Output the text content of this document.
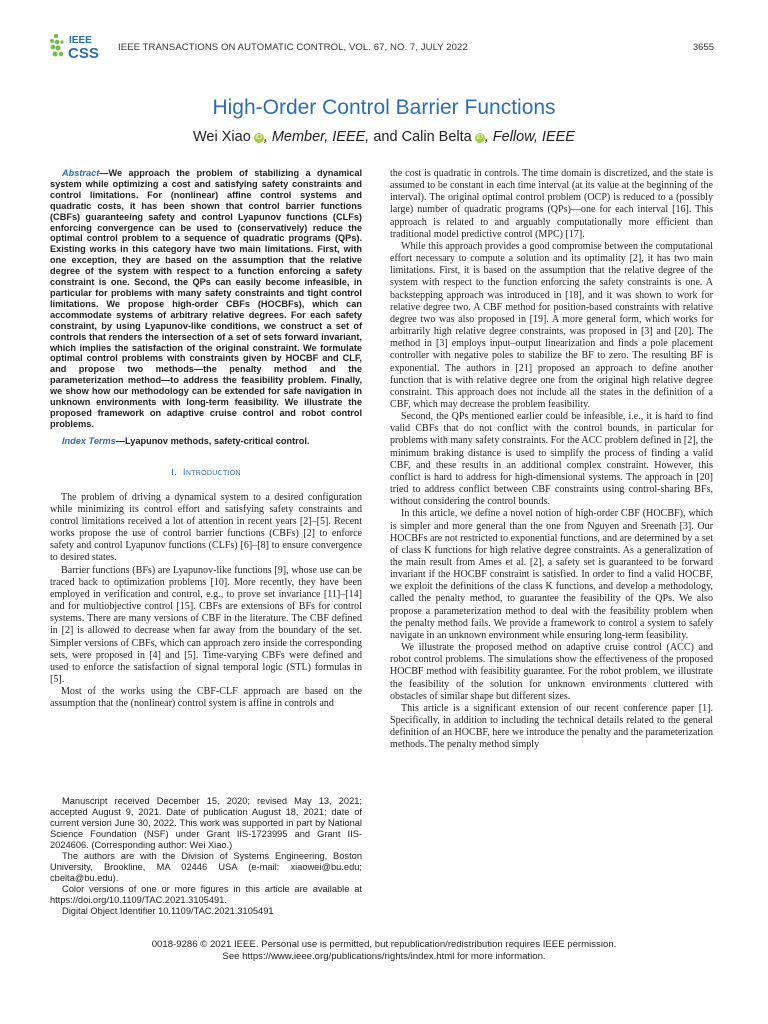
IEEE
CSS IEEE TRANSACTIONS ON AUTOMATIC CONTROL, VOL. 67, NO. 7, JULY 2022	3655
High-Order Control Barrier Functions
Wei Xiao iD , Member, IEEE, and Calin Belta iD , Fellow, IEEE

Abstract—We approach the problem of stabilizing a dynamical system while optimizing a cost and satisfying safety constraints and control limitations. For (nonlinear) affine control systems and quadratic costs, it has been shown that control barrier functions (CBFs) guaranteeing safety and control Lyapunov functions (CLFs) enforcing convergence can be used to (conservatively) reduce the optimal control problem to a sequence of quadratic programs (QPs). Existing works in this category have two main limitations. First, with one exception, they are based on the assumption that the relative degree of the system with respect to a function enforcing a safety constraint is one. Second, the QPs can easily become infeasible, in particular for problems with many safety constraints and tight control limitations. We propose high-order CBFs (HOCBFs), which can accommodate systems of arbitrary relative degrees. For each safety constraint, by using Lyapunov-like conditions, we construct a set of controls that renders the intersection of a set of sets forward invariant, which implies the satisfaction of the original constraint. We formulate optimal control problems with constraints given by HOCBF and CLF, and propose two methods—the penalty method and the parameterization method—to address the feasibility problem. Finally, we show how our methodology can be extended for safe navigation in unknown environments with long-term feasibility. We illustrate the proposed framework on adaptive cruise control and robot control problems.

Index Terms—Lyapunov methods, safety-critical control.

I. Introduction

The problem of driving a dynamical system to a desired configuration while minimizing its control effort and satisfying safety constraints and control limitations received a lot of attention in recent years [2]–[5]. Recent works propose the use of control barrier functions (CBFs) [2] to enforce safety and control Lyapunov functions (CLFs) [6]–[8] to ensure convergence to desired states.

Barrier functions (BFs) are Lyapunov-like functions [9], whose use can be traced back to optimization problems [10]. More recently, they have been employed in verification and control, e.g., to prove set invariance [11]–[14] and for multiobjective control [15]. CBFs are extensions of BFs for control systems. There are many versions of CBF in the literature. The CBF defined in [2] is allowed to decrease when far away from the boundary of the set. Simpler versions of CBFs, which can approach zero inside the corresponding sets, were proposed in [4] and [5]. Time-varying CBFs were defined and used to enforce the satisfaction of signal temporal logic (STL) formulas in [5].

Most of the works using the CBF-CLF approach are based on the assumption that the (nonlinear) control system is affine in controls and

Manuscript received December 15, 2020; revised May 13, 2021; accepted August 9, 2021. Date of publication August 18, 2021; date of current version June 30, 2022. This work was supported in part by National Science Foundation (NSF) under Grant IIS-1723995 and Grant IIS-2024606. (Corresponding author: Wei Xiao.)

The authors are with the Division of Systems Engineering, Boston University, Brookline, MA 02446 USA (e-mail: xiaowei@bu.edu; cbelta@bu.edu).

Color versions of one or more figures in this article are available at https://doi.org/10.1109/TAC.2021.3105491.

Digital Object Identifier 10.1109/TAC.2021.3105491

the cost is quadratic in controls. The time domain is discretized, and the state is assumed to be constant in each time interval (at its value at the beginning of the interval). The original optimal control problem (OCP) is reduced to a (possibly large) number of quadratic programs (QPs)—one for each interval [16]. This approach is related to and arguably computationally more efficient than traditional model predictive control (MPC) [17].

While this approach provides a good compromise between the computational effort necessary to compute a solution and its optimality [2], it has two main limitations. First, it is based on the assumption that the relative degree of the system with respect to the function enforcing the safety constraints is one. A backstepping approach was introduced in [18], and it was shown to work for relative degree two. A CBF method for position-based constraints with relative degree two was also proposed in [19]. A more general form, which works for arbitrarily high relative degree constraints, was proposed in [3] and [20]. The method in [3] employs input–output linearization and finds a pole placement controller with negative poles to stabilize the BF to zero. The resulting BF is exponential. The authors in [21] proposed an approach to define another function that is with relative degree one from the original high relative degree constraint. This approach does not include all the states in the definition of a CBF, which may decrease the problem feasibility.

Second, the QPs mentioned earlier could be infeasible, i.e., it is hard to find valid CBFs that do not conflict with the control bounds, in particular for problems with many safety constraints. For the ACC problem defined in [2], the minimum braking distance is used to simplify the process of finding a valid CBF, and these results in an additional complex constraint. However, this conflict is hard to address for high-dimensional systems. The approach in [20] tried to address conflict between CBF constraints using control-sharing BFs, without considering the control bounds.

In this article, we define a novel notion of high-order CBF (HOCBF), which is simpler and more general than the one from Nguyen and Sreenath [3]. Our HOCBFs are not restricted to exponential functions, and are determined by a set of class K functions for high relative degree constraints. As a generalization of the main result from Ames et al. [2], a safety set is guaranteed to be forward invariant if the HOCBF constraint is satisfied. In order to find a valid HOCBF, we exploit the definitions of the class K functions, and develop a methodology, called the penalty method, to guarantee the feasibility of the QPs. We also propose a parameterization method to deal with the feasibility problem when the penalty method fails. We provide a framework to control a system to safely navigate in an unknown environment while ensuring long-term feasibility.

We illustrate the proposed method on adaptive cruise control (ACC) and robot control problems. The simulations show the effectiveness of the proposed HOCBF method with feasibility guarantee. For the robot problem, we illustrate the feasibility of the solution for unknown environments cluttered with obstacles of similar shape but different sizes.

This article is a significant extension of our recent conference paper [1]. Specifically, in addition to including the technical details related to the general definition of an HOCBF, here we introduce the penalty and the parameterization methods. The penalty method simply

0018-9286 © 2021 IEEE. Personal use is permitted, but republication/redistribution requires IEEE permission.
See https://www.ieee.org/publications/rights/index.html for more information.
